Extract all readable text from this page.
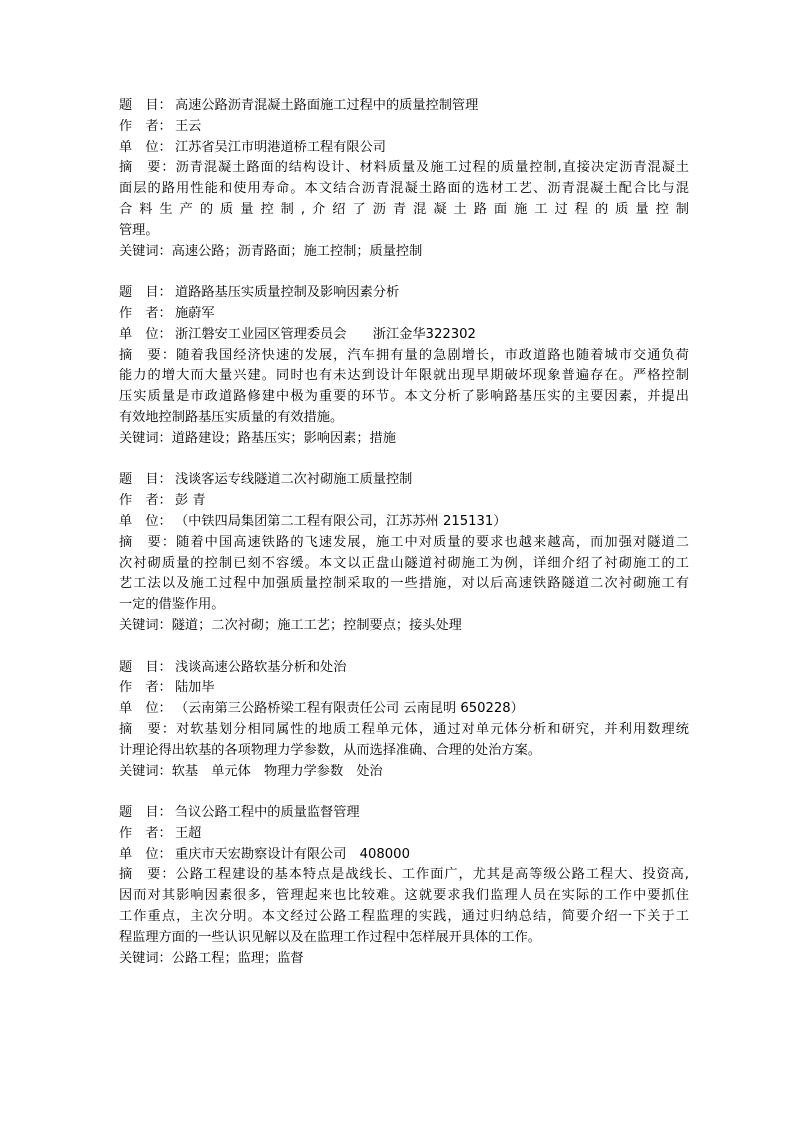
题　目： 高速公路沥青混凝土路面施工过程中的质量控制管理
作　者： 王云
单　位： 江苏省吴江市明港道桥工程有限公司
摘　要：沥青混凝土路面的结构设计、材料质量及施工过程的质量控制,直接决定沥青混凝土
面层的路用性能和使用寿命。本文结合沥青混凝土路面的选材工艺、沥青混凝土配合比与混
合料生产的质量控制,介绍了沥青混凝土路面施工过程的质量控制
管理。
关键词： 高速公路；沥青路面；施工控制；质量控制
题　目： 道路路基压实质量控制及影响因素分析
作　者： 施蔚军
单　位： 浙江磐安工业园区管理委员会　　浙江金华322302
摘　要：随着我国经济快速的发展，汽车拥有量的急剧增长，市政道路也随着城市交通负荷
能力的增大而大量兴建。同时也有未达到设计年限就出现早期破坏现象普遍存在。严格控制
压实质量是市政道路修建中极为重要的环节。本文分析了影响路基压实的主要因素，并提出
有效地控制路基压实质量的有效措施。
关键词： 道路建设；路基压实；影响因素；措施
题　目： 浅谈客运专线隧道二次衬砌施工质量控制
作　者： 彭 青
单　位： （中铁四局集团第二工程有限公司，江苏苏州 215131）
摘　要：随着中国高速铁路的飞速发展，施工中对质量的要求也越来越高，而加强对隧道二
次衬砌质量的控制已刻不容缓。本文以正盘山隧道衬砌施工为例，详细介绍了衬砌施工的工
艺工法以及施工过程中加强质量控制采取的一些措施，对以后高速铁路隧道二次衬砌施工有
一定的借鉴作用。
关键词： 隧道；二次衬砌；施工工艺；控制要点；接头处理
题　目： 浅谈高速公路软基分析和处治
作　者： 陆加毕
单　位： （云南第三公路桥梁工程有限责任公司 云南昆明 650228）
摘　要：对软基划分相同属性的地质工程单元体，通过对单元体分析和研究，并利用数理统
计理论得出软基的各项物理力学参数，从而选择准确、合理的处治方案。
关键词： 软基　单元体　物理力学参数　处治
题　目： 刍议公路工程中的质量监督管理
作　者： 王超
单　位： 重庆市天宏勘察设计有限公司　408000
摘　要：公路工程建设的基本特点是战线长、工作面广，尤其是高等级公路工程大、投资高,
因而对其影响因素很多，管理起来也比较难。这就要求我们监理人员在实际的工作中要抓住
工作重点，主次分明。本文经过公路工程监理的实践，通过归纳总结，简要介绍一下关于工
程监理方面的一些认识见解以及在监理工作过程中怎样展开具体的工作。
关键词： 公路工程；监理；监督
